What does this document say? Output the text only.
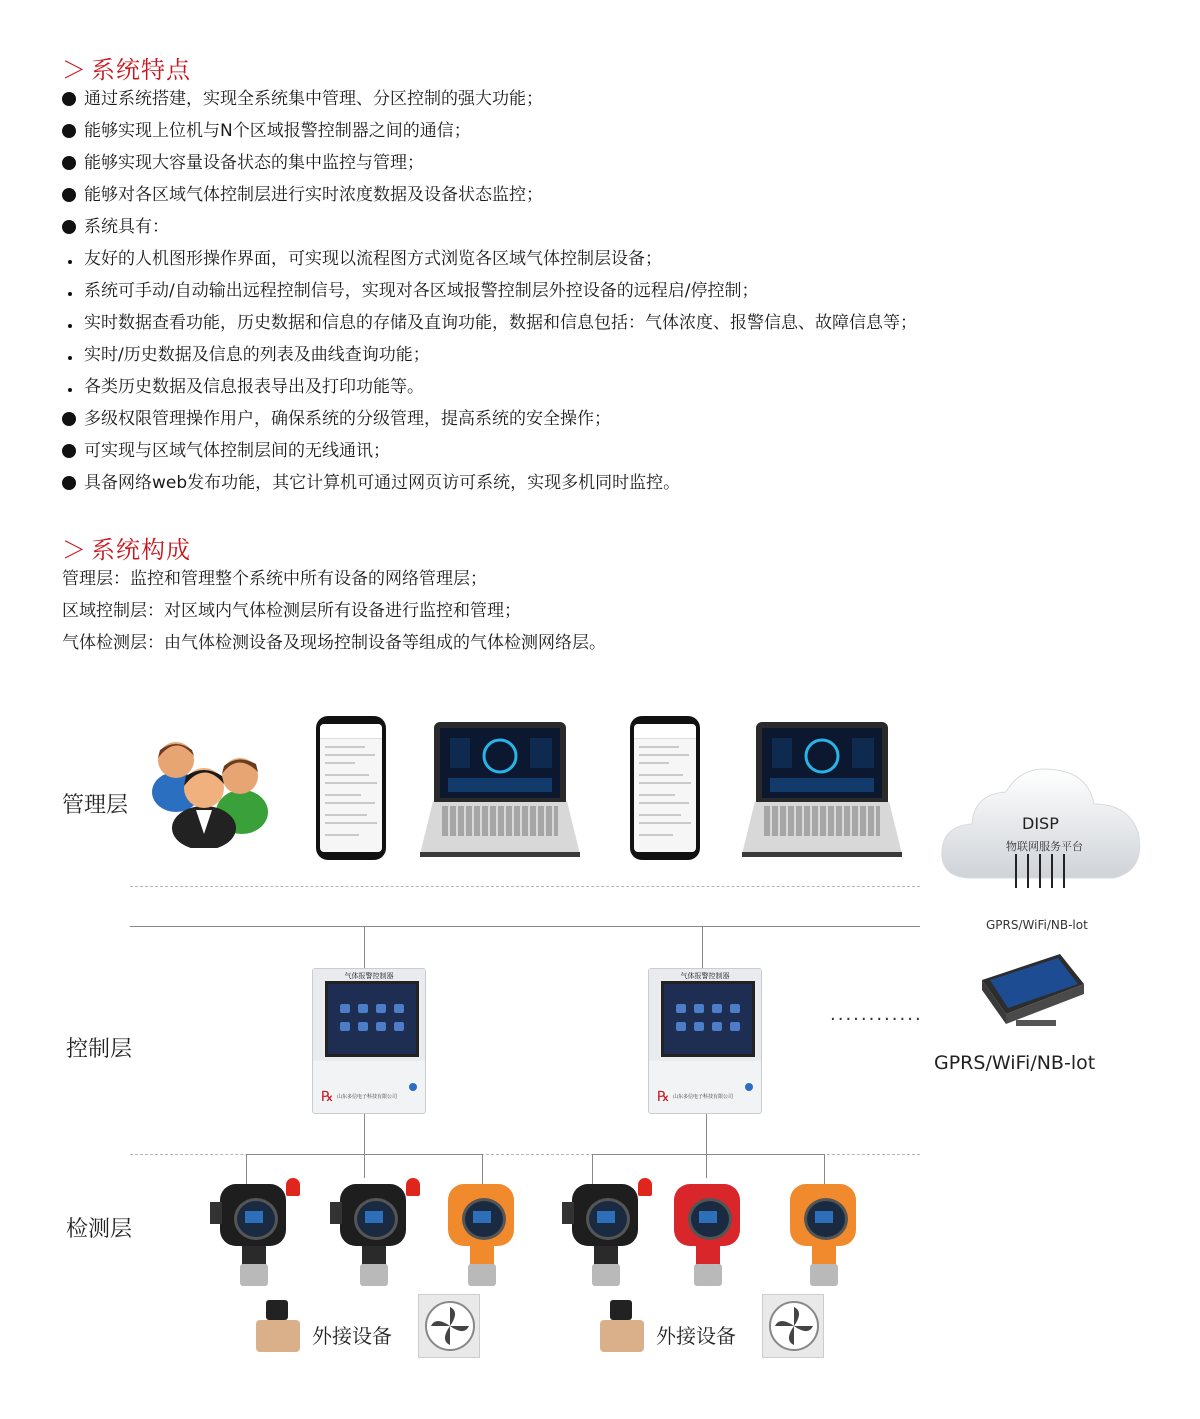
＞ 系统特点
通过系统搭建，实现全系统集中管理、分区控制的强大功能；
能够实现上位机与N个区域报警控制器之间的通信；
能够实现大容量设备状态的集中监控与管理；
能够对各区域气体控制层进行实时浓度数据及设备状态监控；
系统具有：
友好的人机图形操作界面，可实现以流程图方式浏览各区域气体控制层设备；
系统可手动/自动输出远程控制信号，实现对各区域报警控制层外控设备的远程启/停控制；
实时数据查看功能，历史数据和信息的存储及直询功能，数据和信息包括：气体浓度、报警信息、故障信息等；
实时/历史数据及信息的列表及曲线查询功能；
各类历史数据及信息报表导出及打印功能等。
多级权限管理操作用户，确保系统的分级管理，提高系统的安全操作；
可实现与区域气体控制层间的无线通讯；
具备网络web发布功能，其它计算机可通过网页访可系统，实现多机同时监控。
＞ 系统构成
管理层：监控和管理整个系统中所有设备的网络管理层；
区域控制层：对区域内气体检测层所有设备进行监控和管理；
气体检测层：由气体检测设备及现场控制设备等组成的气体检测网络层。
管理层
控制层
检测层
DISP
物联网服务平台
GPRS/WiFi/NB-lot
GPRS/WiFi/NB-lot
气体报警控制器
℞ 山东多信电子科技有限公司
气体报警控制器
℞ 山东多信电子科技有限公司
............
外接设备	外接设备
